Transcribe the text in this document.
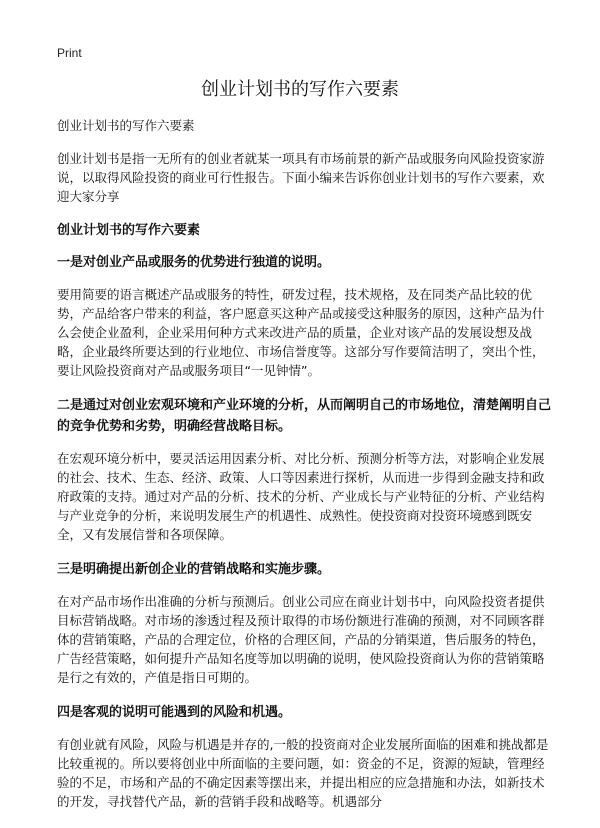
Print
创业计划书的写作六要素

创业计划书的写作六要素

创业计划书是指一无所有的创业者就某一项具有市场前景的新产品或服务向风险投资家游说，以取得风险投资的商业可行性报告。下面小编来告诉你创业计划书的写作六要素，欢迎大家分享

创业计划书的写作六要素

一是对创业产品或服务的优势进行独道的说明。

要用简要的语言概述产品或服务的特性，研发过程，技术规格，及在同类产品比较的优势，产品给客户带来的利益，客户愿意买这种产品或接受这种服务的原因，这种产品为什么会使企业盈利，企业采用何种方式来改进产品的质量，企业对该产品的发展设想及战略，企业最终所要达到的行业地位、市场信誉度等。这部分写作要简洁明了，突出个性，要让风险投资商对产品或服务项目“一见钟情”。

二是通过对创业宏观环境和产业环境的分析，从而阐明自己的市场地位，清楚阐明自己的竞争优势和劣势，明确经营战略目标。

在宏观环境分析中，要灵活运用因素分析、对比分析、预测分析等方法，对影响企业发展的社会、技术、生态、经济、政策、人口等因素进行探析，从而进一步得到金融支持和政府政策的支持。通过对产品的分析、技术的分析、产业成长与产业特征的分析、产业结构与产业竞争的分析，来说明发展生产的机遇性、成熟性。使投资商对投资环境感到既安全，又有发展信誉和各项保障。

三是明确提出新创企业的营销战略和实施步骤。

在对产品市场作出准确的分析与预测后。创业公司应在商业计划书中，向风险投资者提供目标营销战略。对市场的渗透过程及预计取得的市场份额进行准确的预测，对不同顾客群体的营销策略，产品的合理定位，价格的合理区间，产品的分销渠道，售后服务的特色，广告经营策略，如何提升产品知名度等加以明确的说明，使风险投资商认为你的营销策略是行之有效的，产值是指日可期的。

四是客观的说明可能遇到的风险和机遇。

有创业就有风险，风险与机遇是并存的,一般的投资商对企业发展所面临的困难和挑战都是比较重视的。所以要将创业中所面临的主要问题，如：资金的不足，资源的短缺，管理经验的不足，市场和产品的不确定因素等摆出来，并提出相应的应急措施和办法，如新技术的开发，寻找替代产品，新的营销手段和战略等。机遇部分
